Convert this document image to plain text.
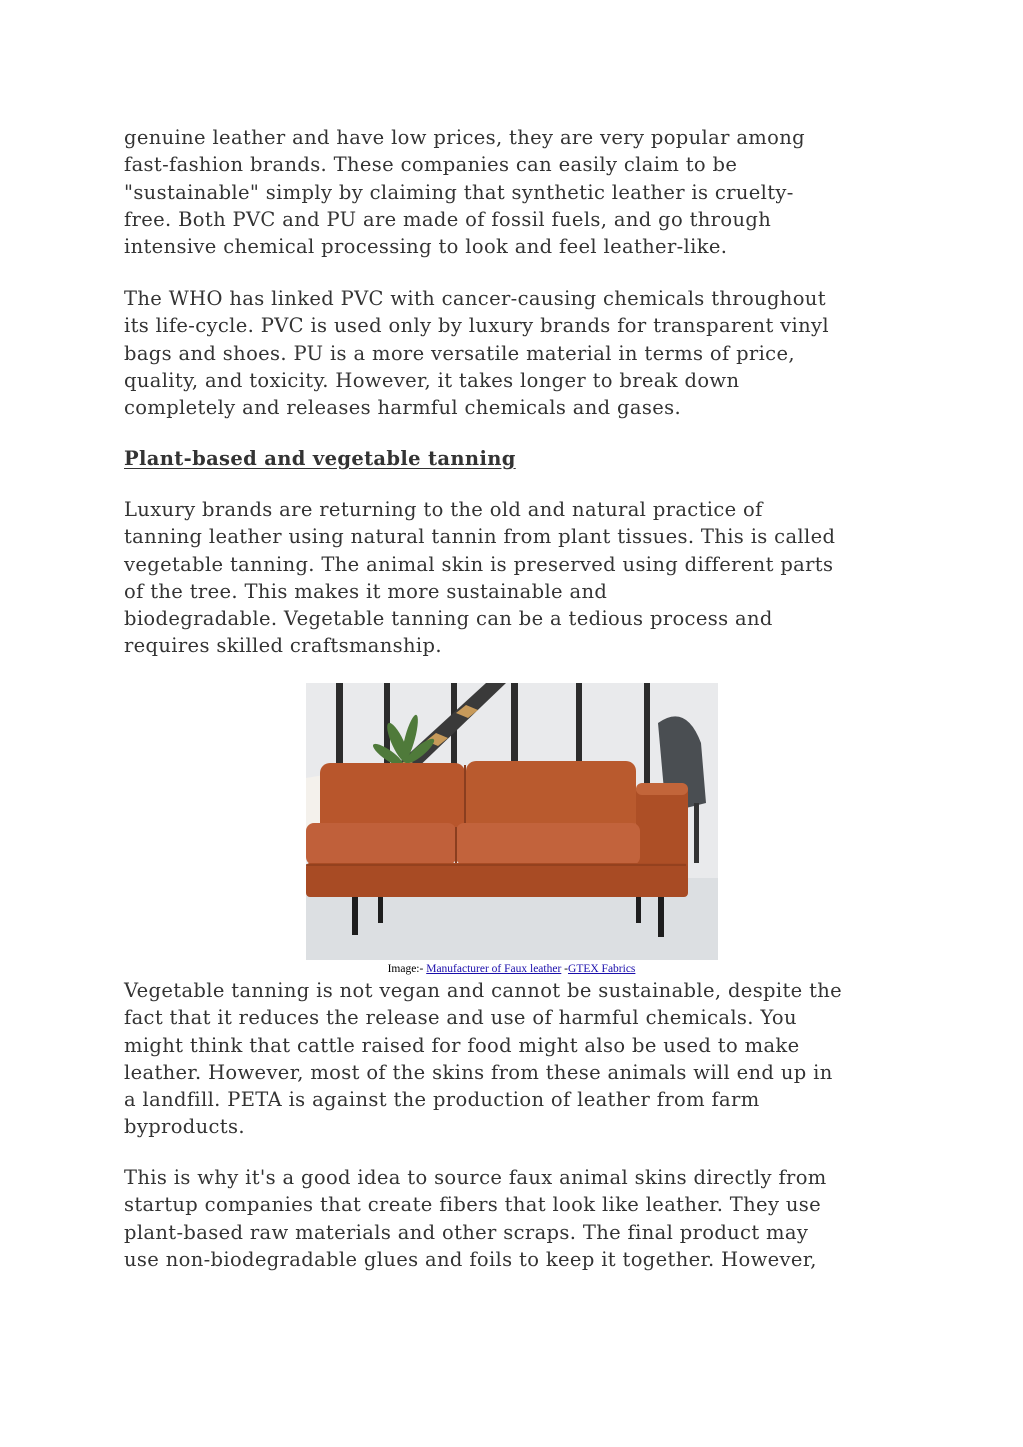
genuine leather and have low prices, they are very popular among
fast-fashion brands. These companies can easily claim to be
"sustainable" simply by claiming that synthetic leather is cruelty-
free. Both PVC and PU are made of fossil fuels, and go through
intensive chemical processing to look and feel leather-like.

The WHO has linked PVC with cancer-causing chemicals throughout
its life-cycle. PVC is used only by luxury brands for transparent vinyl
bags and shoes. PU is a more versatile material in terms of price,
quality, and toxicity. However, it takes longer to break down
completely and releases harmful chemicals and gases.

Plant-based and vegetable tanning

Luxury brands are returning to the old and natural practice of
tanning leather using natural tannin from plant tissues. This is called
vegetable tanning. The animal skin is preserved using different parts
of the tree. This makes it more sustainable and
biodegradable. Vegetable tanning can be a tedious process and
requires skilled craftsmanship.

Vegetable tanning is not vegan and cannot be sustainable, despite the
fact that it reduces the release and use of harmful chemicals. You
might think that cattle raised for food might also be used to make
leather. However, most of the skins from these animals will end up in
a landfill. PETA is against the production of leather from farm
byproducts.

This is why it's a good idea to source faux animal skins directly from
startup companies that create fibers that look like leather. They use
plant-based raw materials and other scraps. The final product may
use non-biodegradable glues and foils to keep it together. However,

Image:- Manufacturer of Faux leather -GTEX Fabrics
